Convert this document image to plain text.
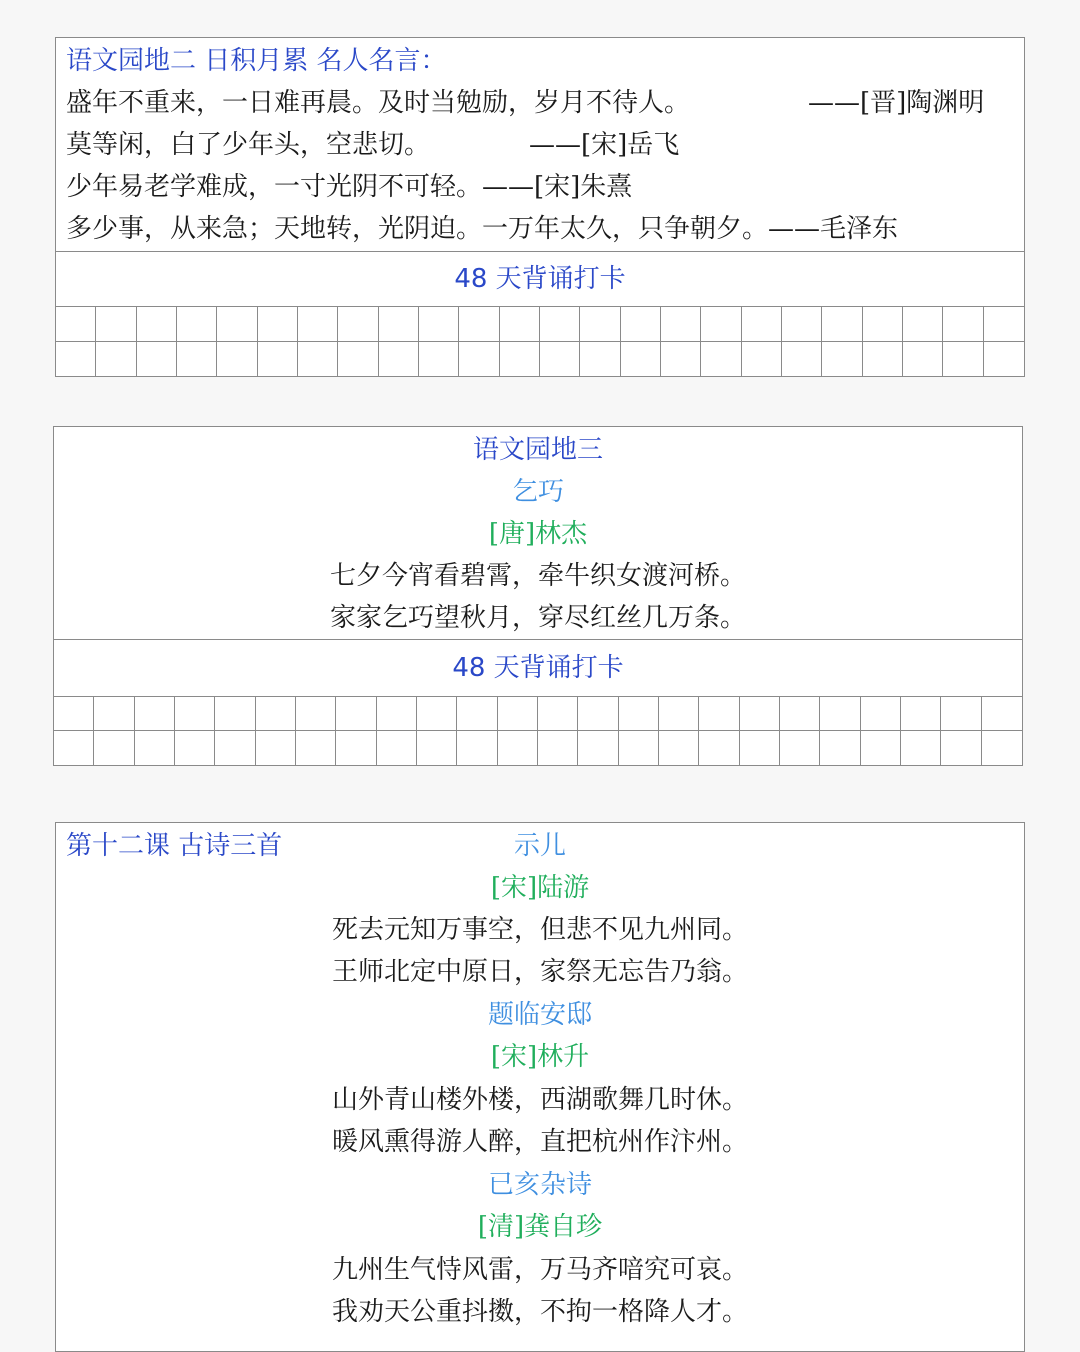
语文园地二 日积月累 名人名言：
盛年不重来，一日难再晨。及时当勉励，岁月不待人。	——[晋]陶渊明
莫等闲，白了少年头，空悲切。	——[宋]岳飞
少年易老学难成，一寸光阴不可轻。——[宋]朱熹
多少事，从来急；天地转，光阴迫。一万年太久，只争朝夕。——毛泽东
48 天背诵打卡
语文园地三
乞巧
[唐]林杰
七夕今宵看碧霄，牵牛织女渡河桥。
家家乞巧望秋月，穿尽红丝几万条。
48 天背诵打卡
第十二课 古诗三首	示儿
[宋]陆游
死去元知万事空，但悲不见九州同。
王师北定中原日，家祭无忘告乃翁。
题临安邸
[宋]林升
山外青山楼外楼，西湖歌舞几时休。
暖风熏得游人醉，直把杭州作汴州。
已亥杂诗
[清]龚自珍
九州生气恃风雷，万马齐喑究可哀。
我劝天公重抖擞，不拘一格降人才。
